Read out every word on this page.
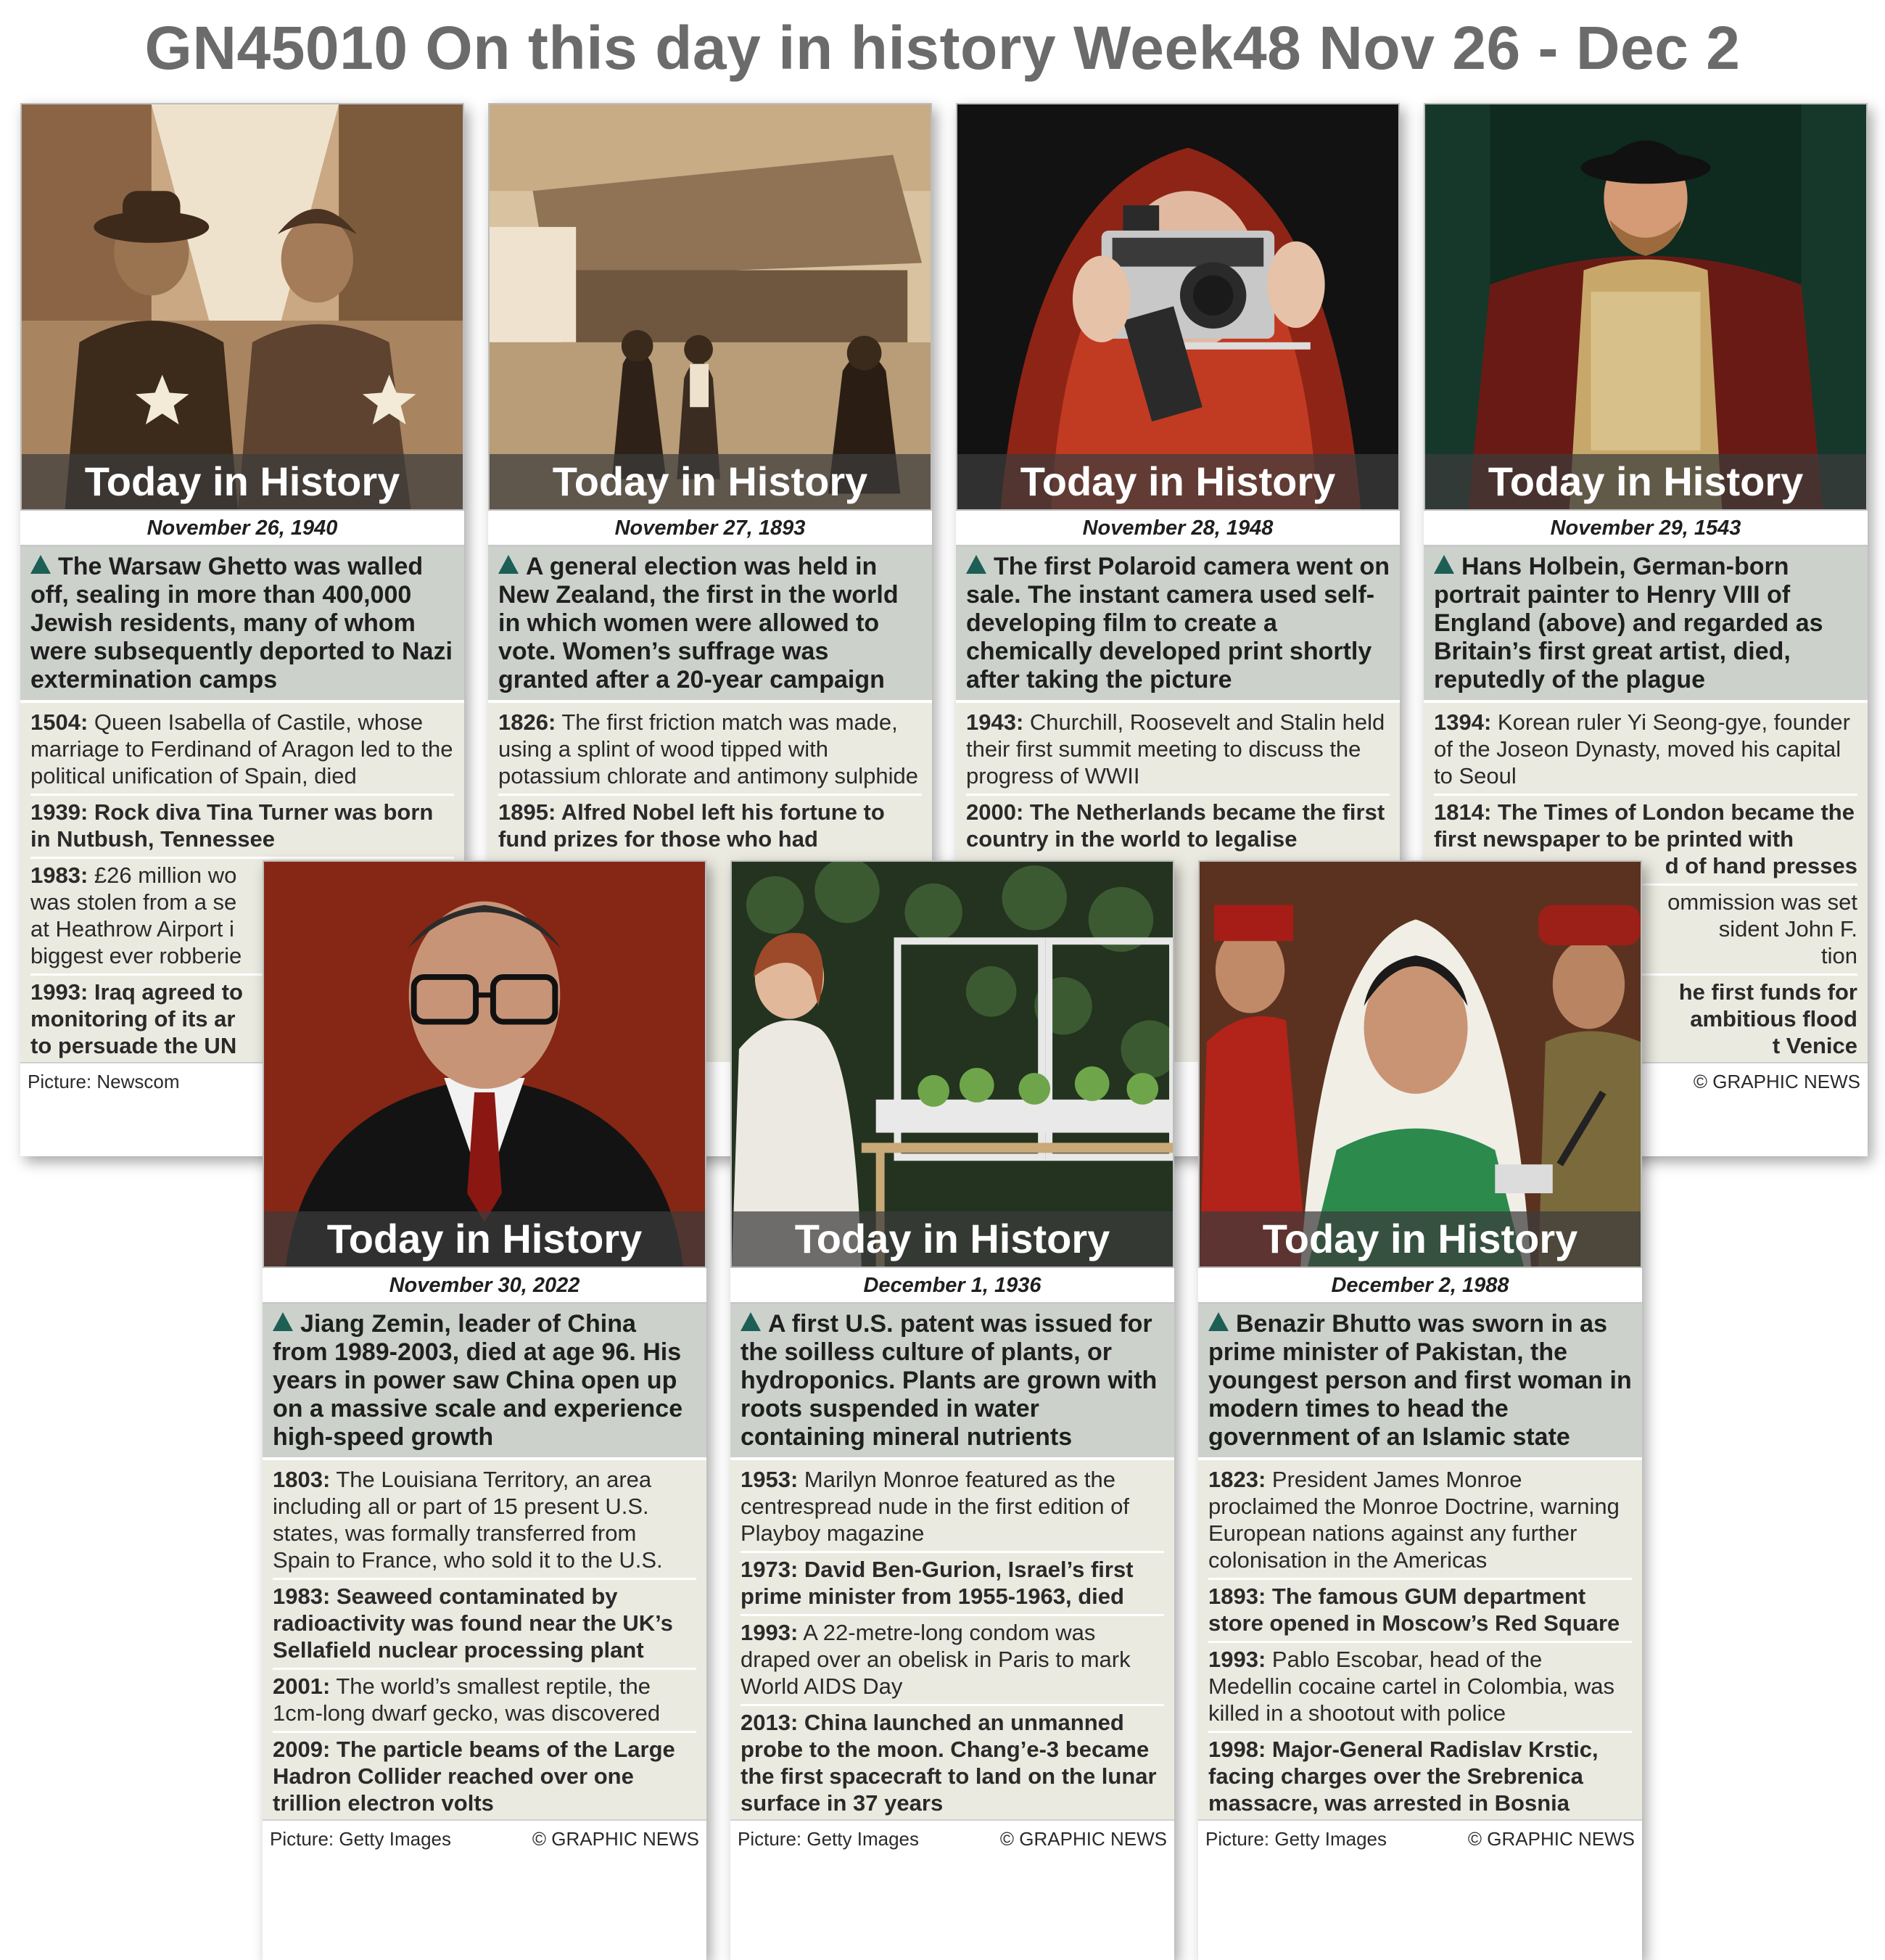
GN45010 On this day in history Week48 Nov 26 - Dec 2
Today in History
November 26, 1940
The Warsaw Ghetto was walled off, sealing in more than 400,000 Jewish residents, many of whom were subsequently deported to Nazi extermination camps
1504: Queen Isabella of Castile, whose marriage to Ferdinand of Aragon led to the political unification of Spain, died
1939: Rock diva Tina Turner was born in Nutbush, Tennessee
1983: £26 million wo
was stolen from a se
at Heathrow Airport i
biggest ever robberie
1993: Iraq agreed to
monitoring of its ar
to persuade the UN
Picture: Newscom
Today in History
November 27, 1893
A general election was held in New Zealand, the first in the world in which women were allowed to vote. Women’s suffrage was granted after a 20-year campaign
1826: The first friction match was made, using a splint of wood tipped with potassium chlorate and antimony sulphide
1895: Alfred Nobel left his fortune to fund prizes for those who had
Today in History
November 28, 1948
The first Polaroid camera went on sale. The instant camera used self-developing film to create a chemically developed print shortly after taking the picture
1943: Churchill, Roosevelt and Stalin held their first summit meeting to discuss the progress of WWII
2000: The Netherlands became the first country in the world to legalise
Today in History
November 29, 1543
Hans Holbein, German-born portrait painter to Henry VIII of England (above) and regarded as Britain’s first great artist, died, reputedly of the plague
1394: Korean ruler Yi Seong-gye, founder of the Joseon Dynasty, moved his capital to Seoul
1814: The Times of London became the first newspaper to be printed with
d of hand presses
ommission was set
sident John F.
tion
he first funds for
ambitious flood
t Venice
© GRAPHIC NEWS
Today in History
November 30, 2022
Jiang Zemin, leader of China from 1989-2003, died at age 96. His years in power saw China open up on a massive scale and experience high-speed growth
1803: The Louisiana Territory, an area including all or part of 15 present U.S. states, was formally transferred from Spain to France, who sold it to the U.S.
1983: Seaweed contaminated by radioactivity was found near the UK’s Sellafield nuclear processing plant
2001: The world’s smallest reptile, the 1cm-long dwarf gecko, was discovered
2009: The particle beams of the Large Hadron Collider reached over one trillion electron volts
Picture: Getty Images	© GRAPHIC NEWS
Today in History
December 1, 1936
A first U.S. patent was issued for the soilless culture of plants, or hydroponics. Plants are grown with roots suspended in water containing mineral nutrients
1953: Marilyn Monroe featured as the centrespread nude in the first edition of Playboy magazine
1973: David Ben-Gurion, Israel’s first prime minister from 1955-1963, died
1993: A 22-metre-long condom was draped over an obelisk in Paris to mark World AIDS Day
2013: China launched an unmanned probe to the moon. Chang’e-3 became the first spacecraft to land on the lunar surface in 37 years
Picture: Getty Images	© GRAPHIC NEWS
Today in History
December 2, 1988
Benazir Bhutto was sworn in as prime minister of Pakistan, the youngest person and first woman in modern times to head the government of an Islamic state
1823: President James Monroe proclaimed the Monroe Doctrine, warning European nations against any further colonisation in the Americas
1893: The famous GUM department store opened in Moscow’s Red Square
1993: Pablo Escobar, head of the Medellin cocaine cartel in Colombia, was killed in a shootout with police
1998: Major-General Radislav Krstic, facing charges over the Srebrenica massacre, was arrested in Bosnia
Picture: Getty Images	© GRAPHIC NEWS
